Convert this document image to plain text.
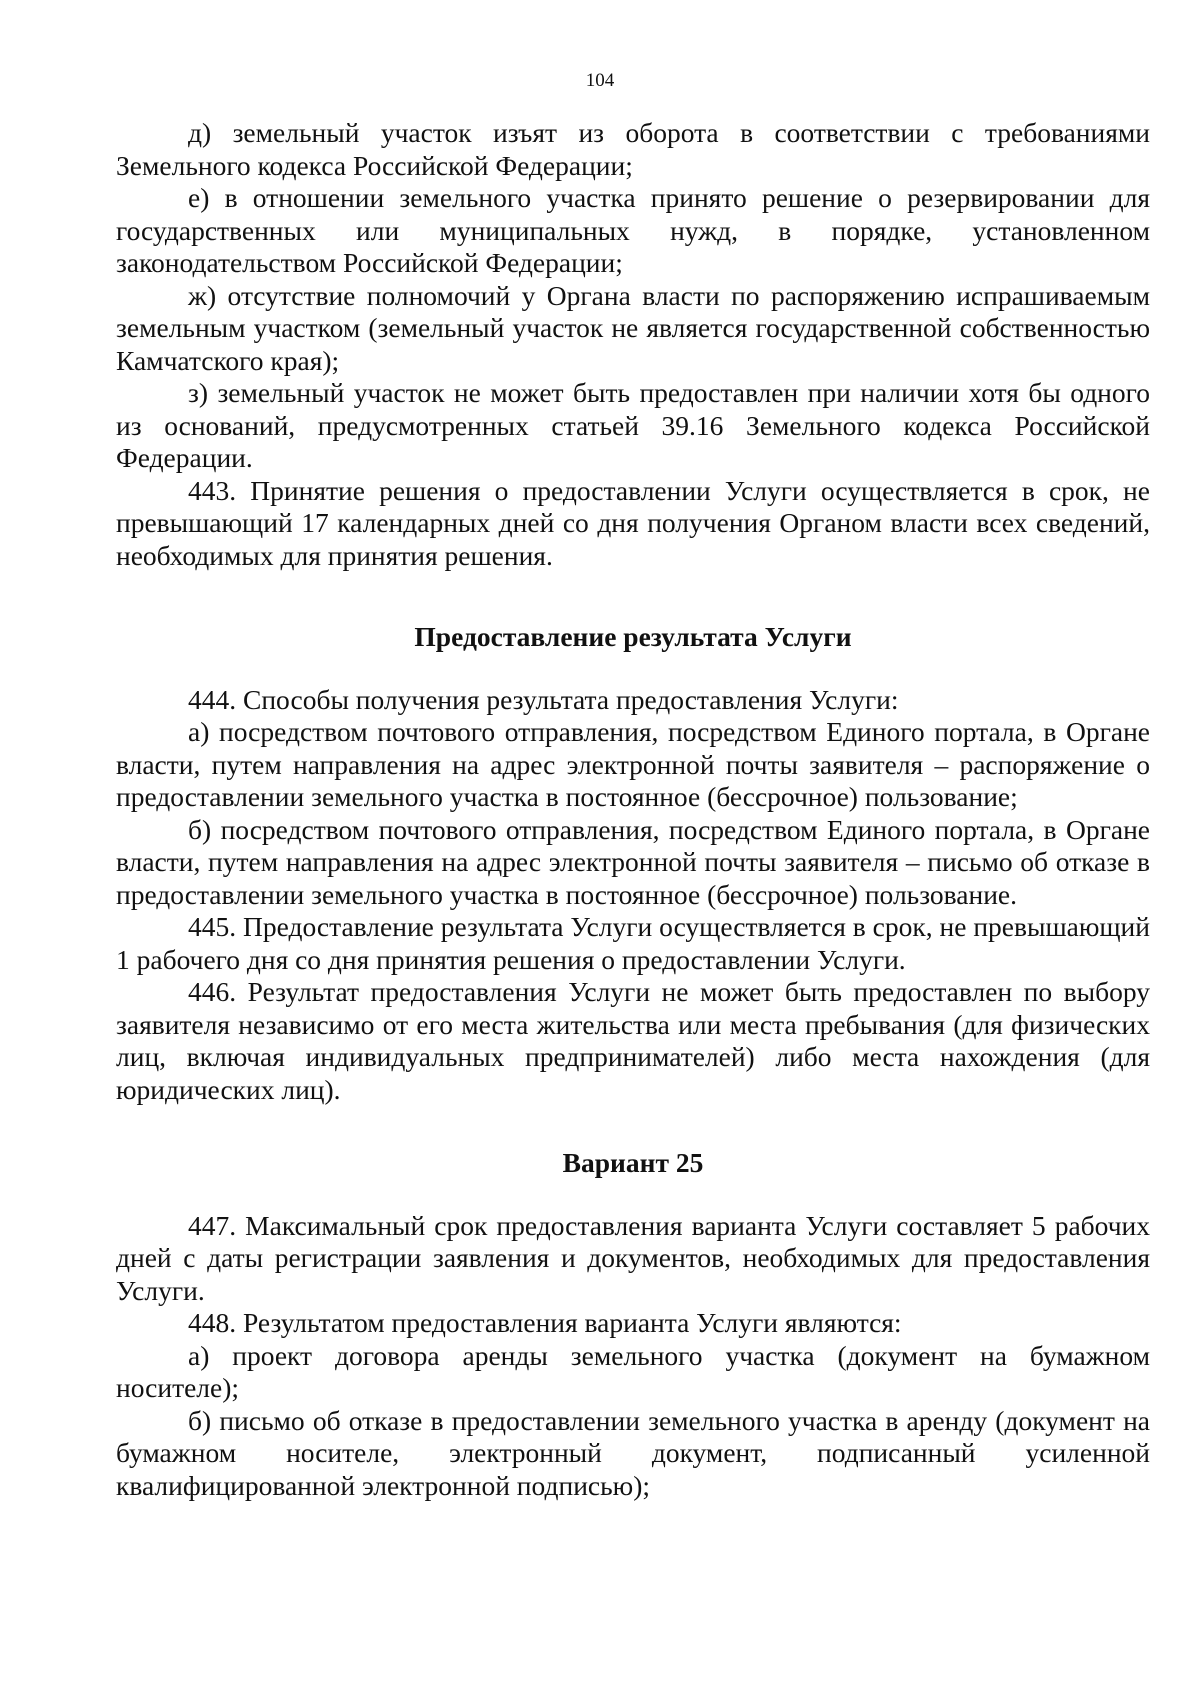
104

д) земельный участок изъят из оборота в соответствии с требованиями Земельного кодекса Российской Федерации;

е) в отношении земельного участка принято решение о резервировании для государственных или муниципальных нужд, в порядке, установленном законодательством Российской Федерации;

ж) отсутствие полномочий у Органа власти по распоряжению испрашиваемым земельным участком (земельный участок не является государственной собственностью Камчатского края);

з) земельный участок не может быть предоставлен при наличии хотя бы одного из оснований, предусмотренных статьей 39.16 Земельного кодекса Российской Федерации.

443. Принятие решения о предоставлении Услуги осуществляется в срок, не превышающий 17 календарных дней со дня получения Органом власти всех сведений, необходимых для принятия решения.

Предоставление результата Услуги

444. Способы получения результата предоставления Услуги:

а) посредством почтового отправления, посредством Единого портала, в Органе власти, путем направления на адрес электронной почты заявителя – распоряжение о предоставлении земельного участка в постоянное (бессрочное) пользование;

б) посредством почтового отправления, посредством Единого портала, в Органе власти, путем направления на адрес электронной почты заявителя – письмо об отказе в предоставлении земельного участка в постоянное (бессрочное) пользование.

445. Предоставление результата Услуги осуществляется в срок, не превышающий 1 рабочего дня со дня принятия решения о предоставлении Услуги.

446. Результат предоставления Услуги не может быть предоставлен по выбору заявителя независимо от его места жительства или места пребывания (для физических лиц, включая индивидуальных предпринимателей) либо места нахождения (для юридических лиц).

Вариант 25

447. Максимальный срок предоставления варианта Услуги составляет 5 рабочих дней с даты регистрации заявления и документов, необходимых для предоставления Услуги.

448. Результатом предоставления варианта Услуги являются:

а) проект договора аренды земельного участка (документ на бумажном носителе);

б) письмо об отказе в предоставлении земельного участка в аренду (документ на бумажном носителе, электронный документ, подписанный усиленной квалифицированной электронной подписью);
